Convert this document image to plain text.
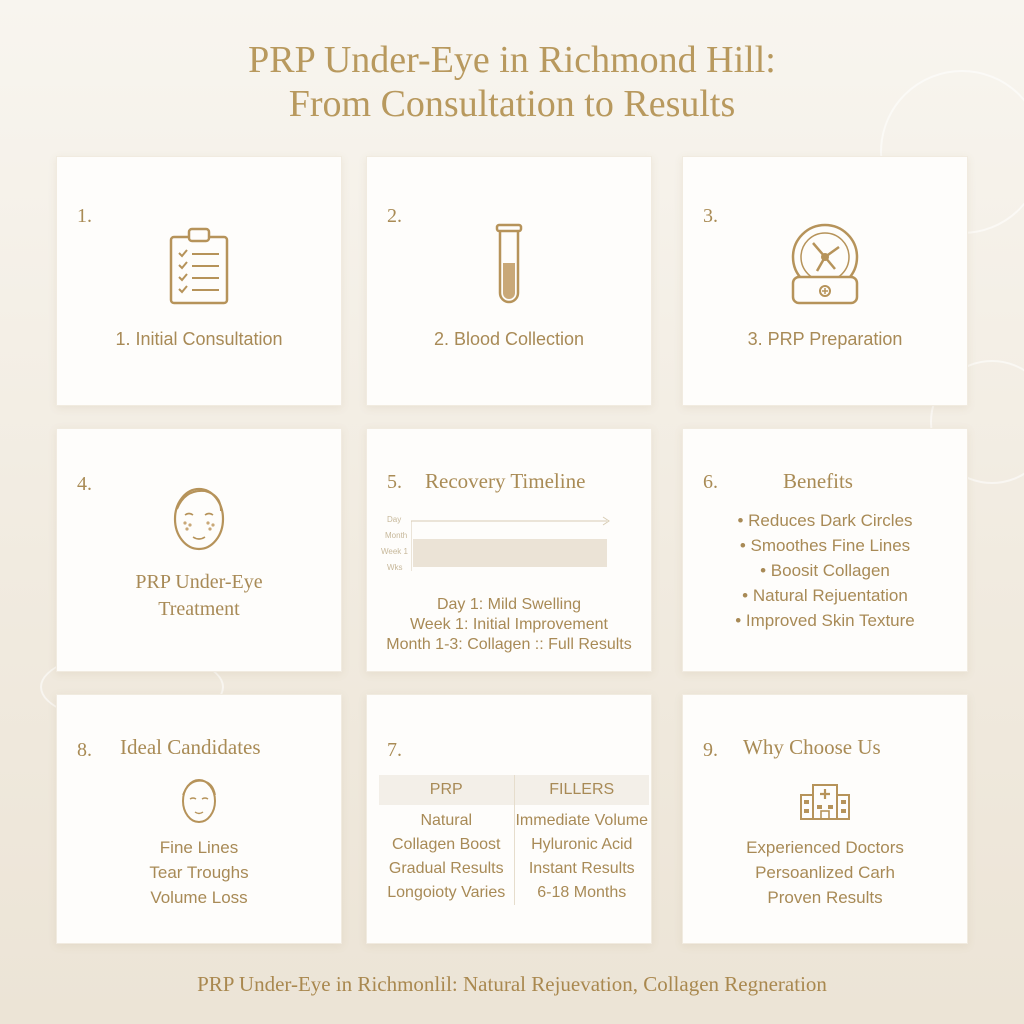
PRP Under-Eye in Richmond Hill:
From Consultation to Results
1.
1. Initial Consultation
2.
2. Blood Collection
3.
3. PRP Preparation
4.
PRP Under-Eye
Treatment
5. Recovery Timeline
Day
Month
Week 1
Wks
Day 1: Mild Swelling
Week 1: Initial Improvement
Month 1-3: Collagen :: Full Results
6.	Benefits
• Reduces Dark Circles
• Smoothes Fine Lines
• Boosit Collagen
• Natural Rejuentation
• Improved Skin Texture
8. Ideal Candidates
Fine Lines
Tear Troughs
Volume Loss
7.
PRP	FILLERS
Natural
Collagen Boost
Gradual Results
Longoioty Varies
Immediate Volume
Hyluronic Acid
Instant Results
6-18 Months
9. Why Choose Us
Experienced Doctors
Persoanlized Carh
Proven Results
PRP Under-Eye in Richmonlil: Natural Rejuevation, Collagen Regneration
